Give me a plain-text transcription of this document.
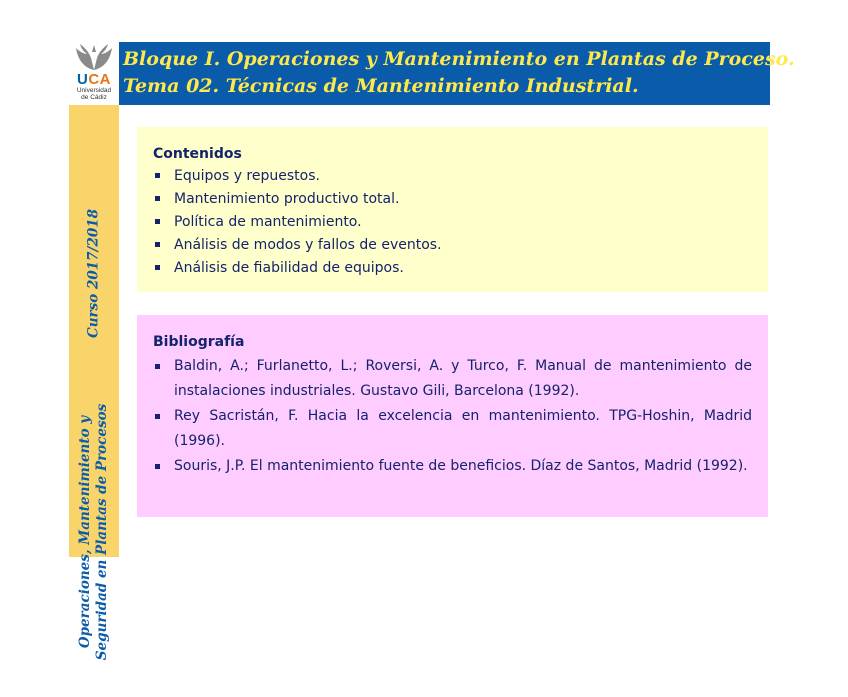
UCA
Universidad
de Cádiz
Bloque I. Operaciones y Mantenimiento en Plantas de Proceso.
Tema 02. Técnicas de Mantenimiento Industrial.
Curso 2017/2018
Operaciones, Mantenimiento y Seguridad en Plantas de Procesos
Contenidos
Equipos y repuestos.
Mantenimiento productivo total.
Política de mantenimiento.
Análisis de modos y fallos de eventos.
Análisis de fiabilidad de equipos.
Bibliografía
Baldin, A.; Furlanetto, L.; Roversi, A. y Turco, F. Manual de mantenimiento de instalaciones industriales. Gustavo Gili, Barcelona (1992).
Rey Sacristán, F. Hacia la excelencia en mantenimiento. TPG-Hoshin, Madrid (1996).
Souris, J.P. El mantenimiento fuente de beneficios. Díaz de Santos, Madrid (1992).
